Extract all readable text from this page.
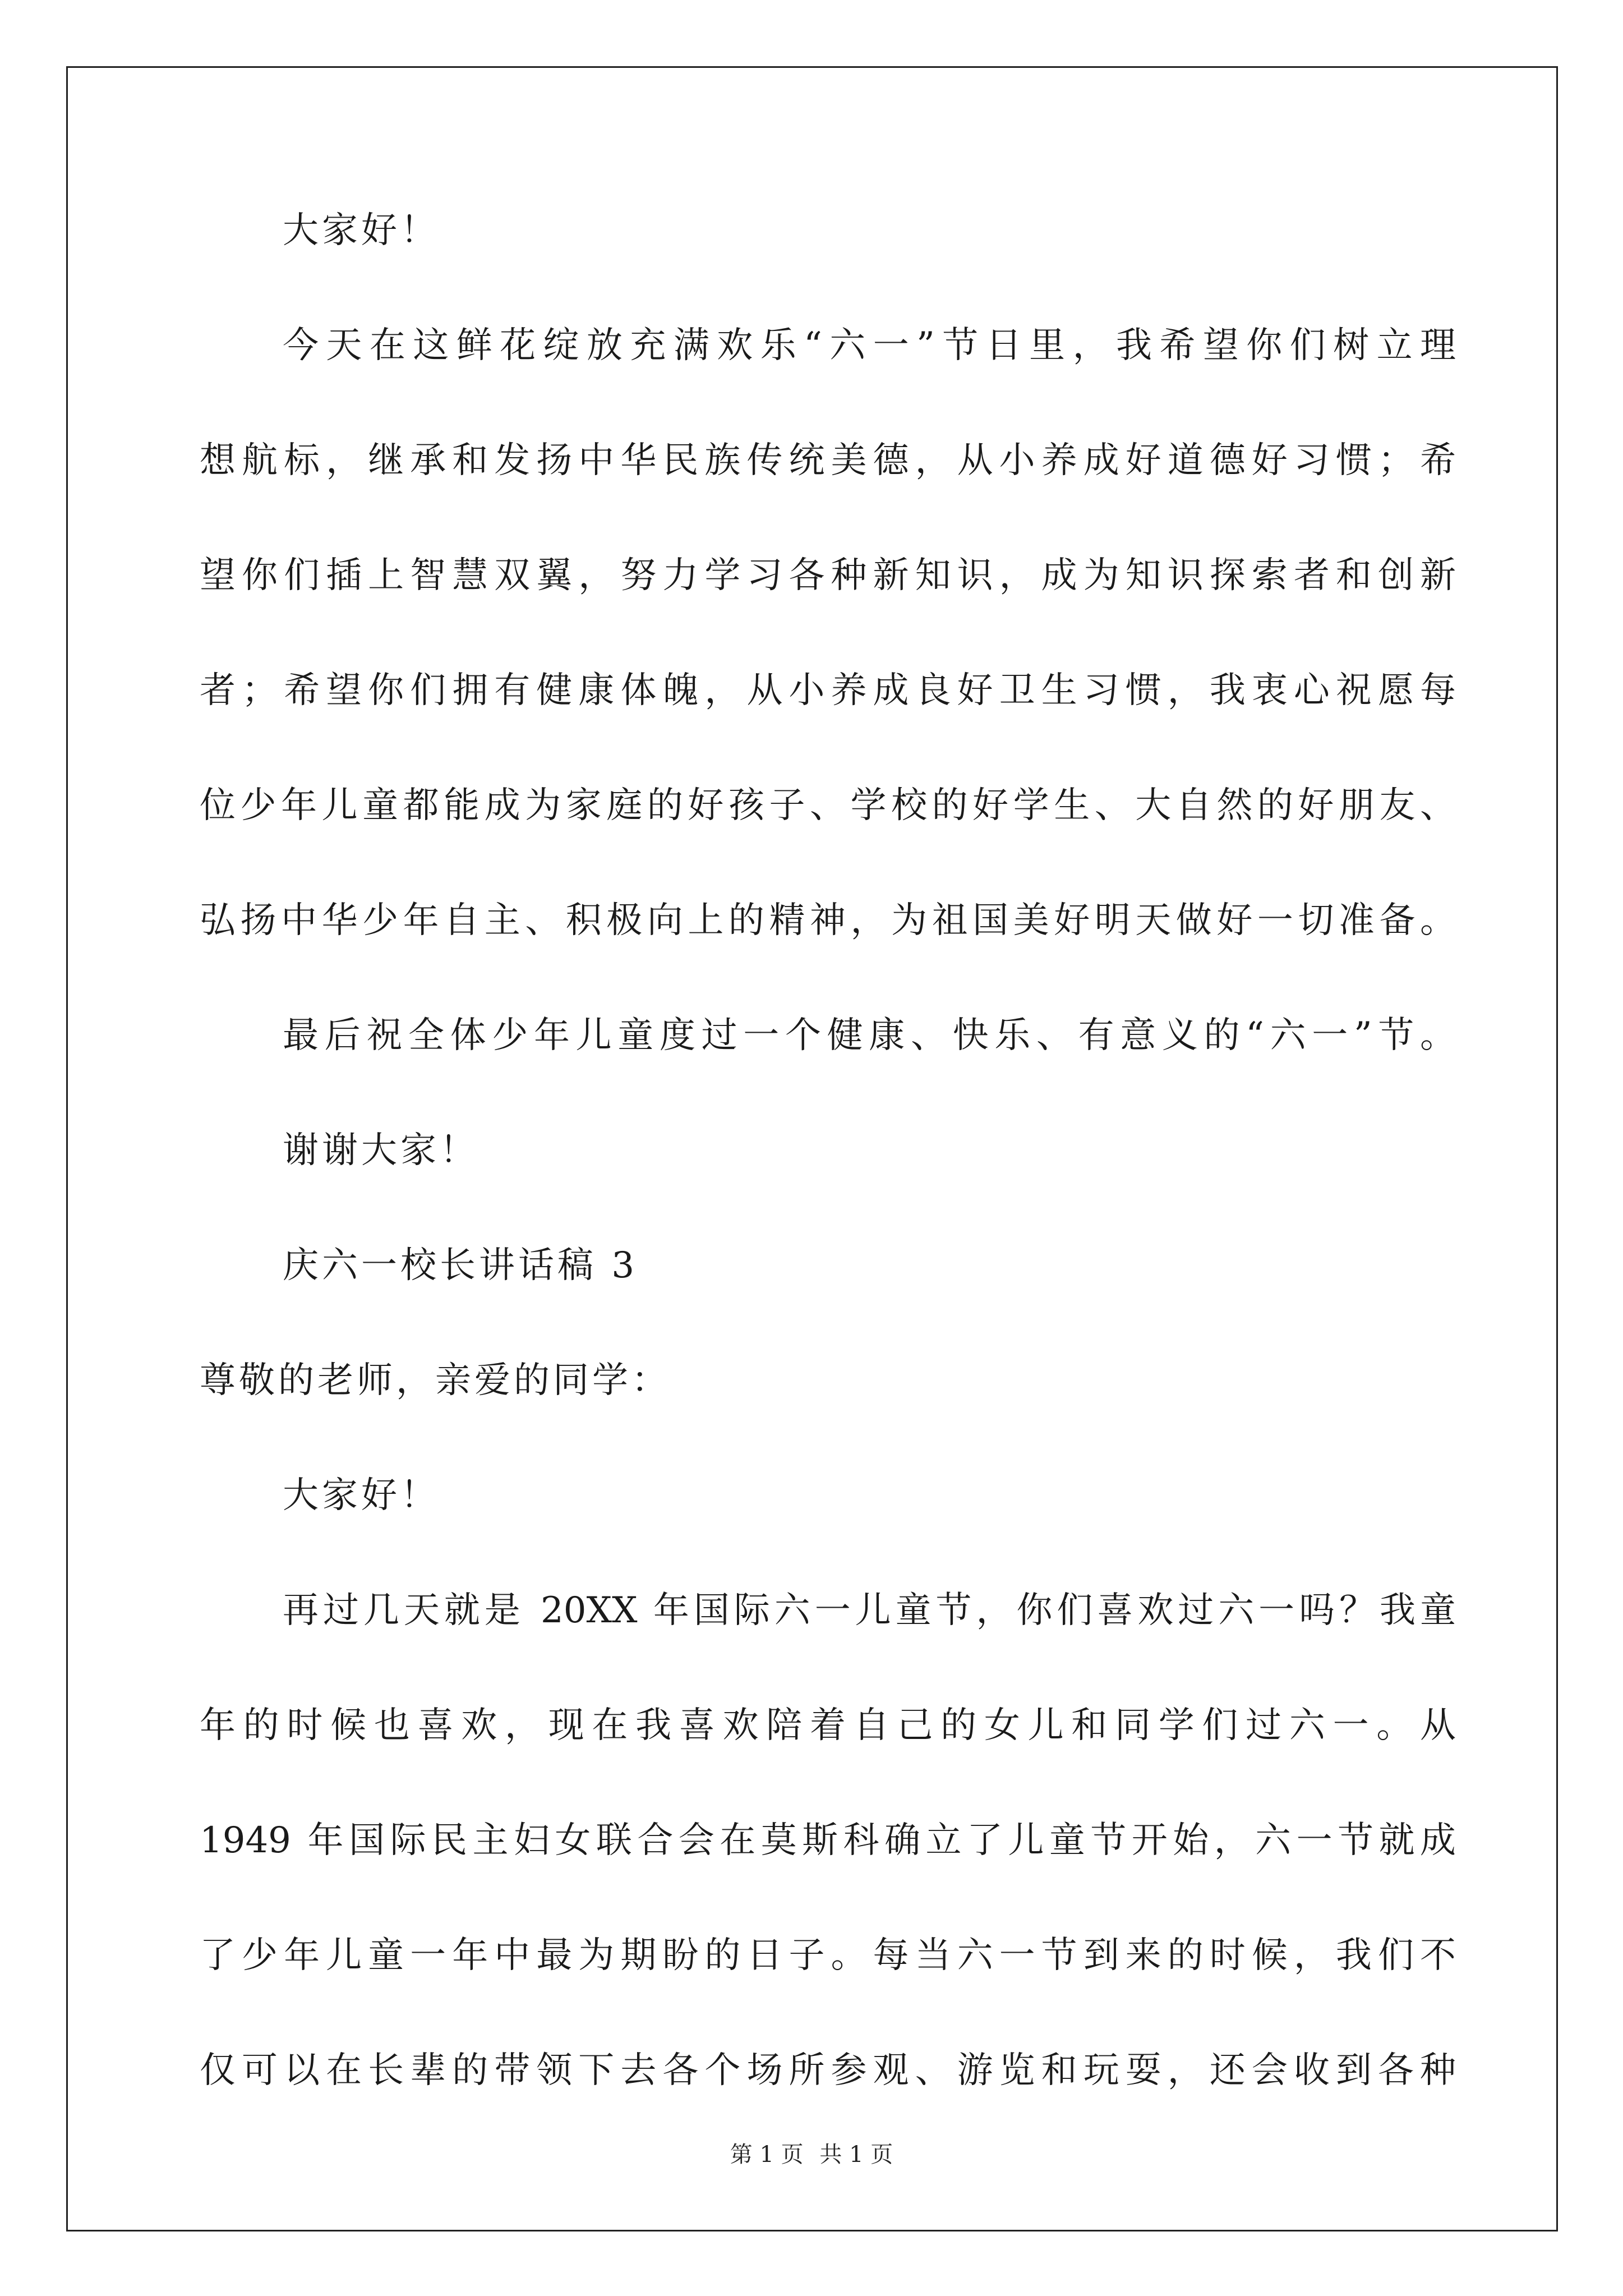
大家好！
今天在这鲜花绽放充满欢乐“六一”节日里，我希望你们树立理
想航标，继承和发扬中华民族传统美德，从小养成好道德好习惯；希
望你们插上智慧双翼，努力学习各种新知识，成为知识探索者和创新
者；希望你们拥有健康体魄，从小养成良好卫生习惯，我衷心祝愿每
位少年儿童都能成为家庭的好孩子、学校的好学生、大自然的好朋友、
弘扬中华少年自主、积极向上的精神，为祖国美好明天做好一切准备。
最后祝全体少年儿童度过一个健康、快乐、有意义的“六一”节。
谢谢大家！
庆六一校长讲话稿 3
尊敬的老师，亲爱的同学：
大家好！
再过几天就是 20XX 年国际六一儿童节，你们喜欢过六一吗？我童
年的时候也喜欢，现在我喜欢陪着自己的女儿和同学们过六一。从
1949 年国际民主妇女联合会在莫斯科确立了儿童节开始，六一节就成
了少年儿童一年中最为期盼的日子。每当六一节到来的时候，我们不
仅可以在长辈的带领下去各个场所参观、游览和玩耍，还会收到各种
第 1 页 共 1 页
